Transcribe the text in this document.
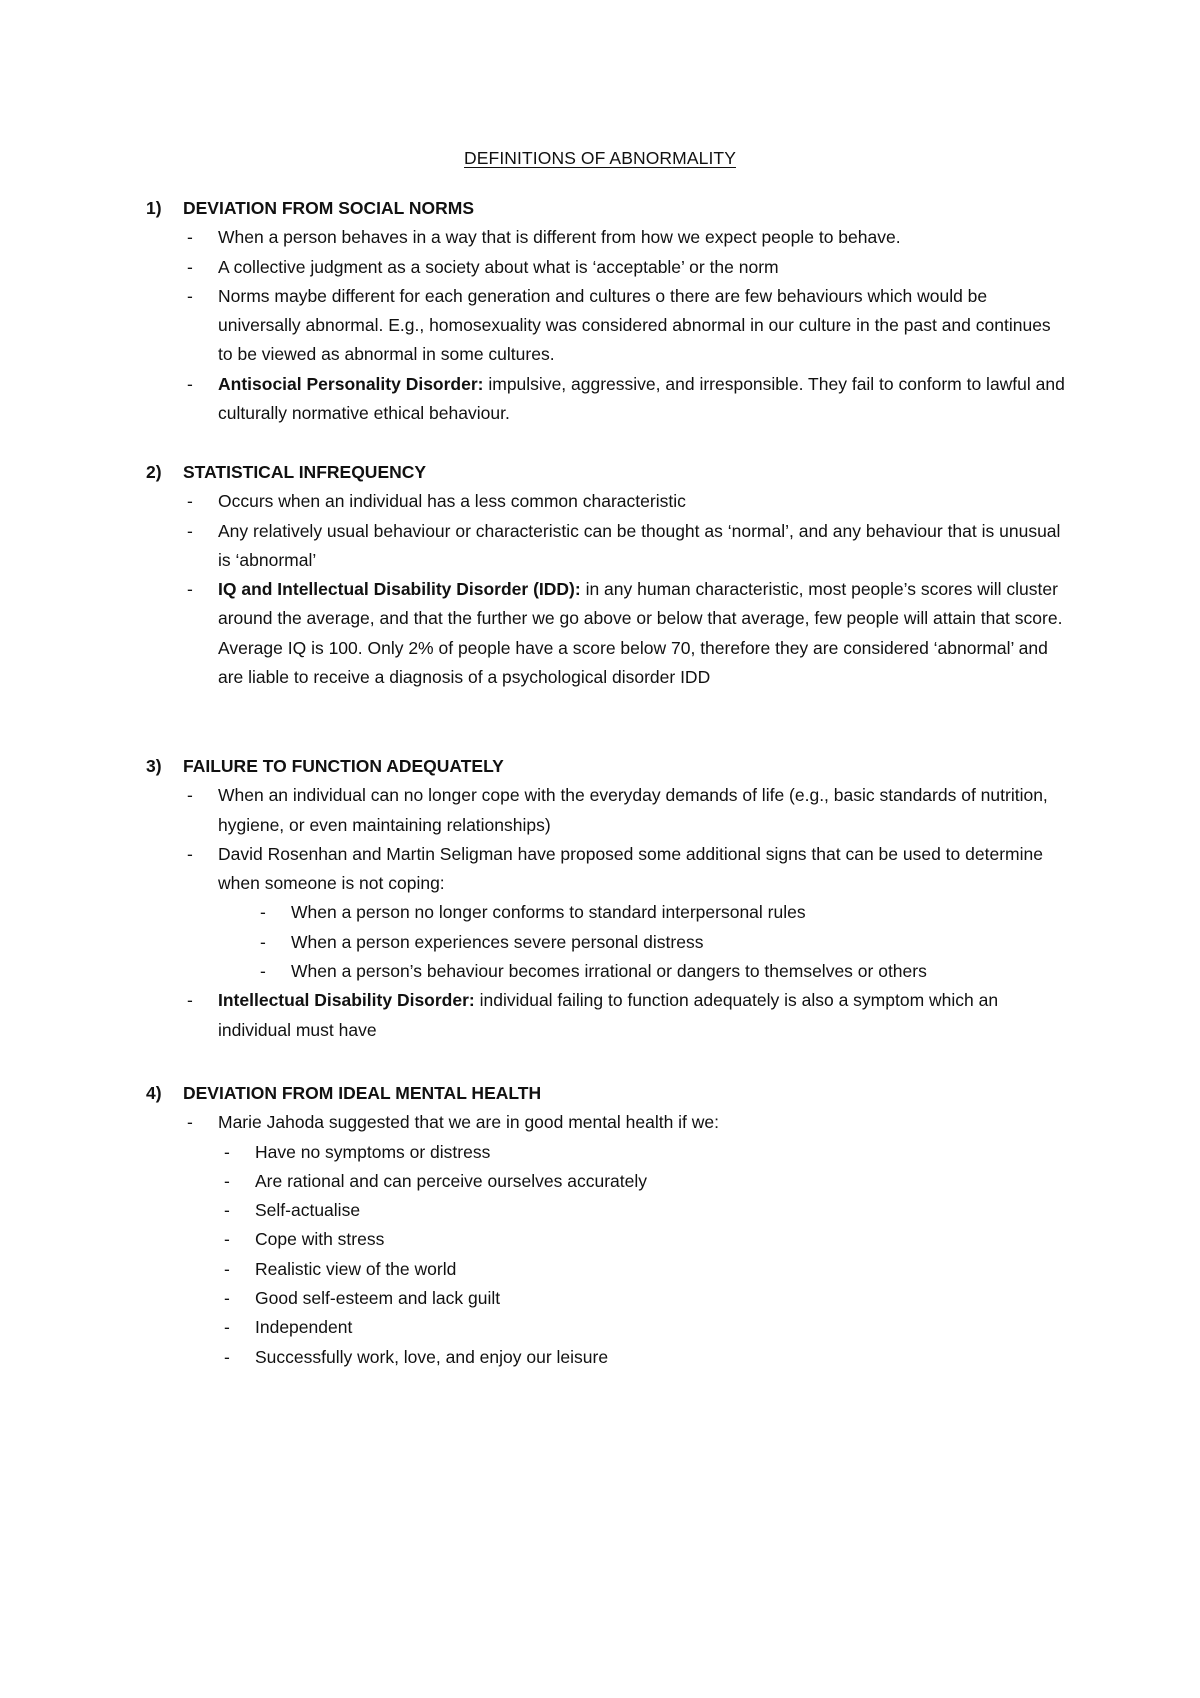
DEFINITIONS OF ABNORMALITY
1) DEVIATION FROM SOCIAL NORMS
- When a person behaves in a way that is different from how we expect people to behave.
- A collective judgment as a society about what is ‘acceptable’ or the norm
- Norms maybe different for each generation and cultures o there are few behaviours which would be universally abnormal. E.g., homosexuality was considered abnormal in our culture in the past and continues to be viewed as abnormal in some cultures.
- Antisocial Personality Disorder: impulsive, aggressive, and irresponsible. They fail to conform to lawful and culturally normative ethical behaviour.
2) STATISTICAL INFREQUENCY
- Occurs when an individual has a less common characteristic
- Any relatively usual behaviour or characteristic can be thought as ‘normal’, and any behaviour that is unusual is ‘abnormal’
- IQ and Intellectual Disability Disorder (IDD): in any human characteristic, most people’s scores will cluster around the average, and that the further we go above or below that average, few people will attain that score. Average IQ is 100. Only 2% of people have a score below 70, therefore they are considered ‘abnormal’ and are liable to receive a diagnosis of a psychological disorder IDD
3) FAILURE TO FUNCTION ADEQUATELY
- When an individual can no longer cope with the everyday demands of life (e.g., basic standards of nutrition, hygiene, or even maintaining relationships)
- David Rosenhan and Martin Seligman have proposed some additional signs that can be used to determine when someone is not coping:
- When a person no longer conforms to standard interpersonal rules
- When a person experiences severe personal distress
- When a person’s behaviour becomes irrational or dangers to themselves or others
- Intellectual Disability Disorder: individual failing to function adequately is also a symptom which an individual must have
4) DEVIATION FROM IDEAL MENTAL HEALTH
- Marie Jahoda suggested that we are in good mental health if we:
- Have no symptoms or distress
- Are rational and can perceive ourselves accurately
- Self-actualise
- Cope with stress
- Realistic view of the world
- Good self-esteem and lack guilt
- Independent
- Successfully work, love, and enjoy our leisure
